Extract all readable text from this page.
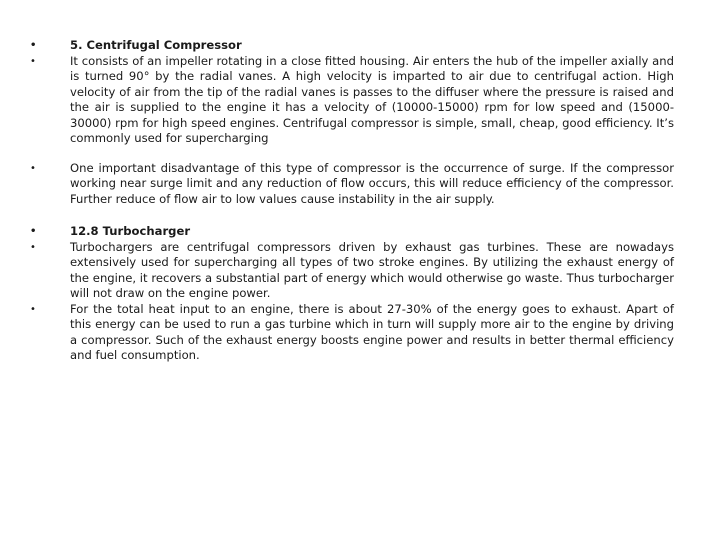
• 5. Centrifugal Compressor
• It consists of an impeller rotating in a close fitted housing. Air enters the hub of the impeller axially and is turned 90° by the radial vanes. A high velocity is imparted to air due to centrifugal action. High velocity of air from the tip of the radial vanes is passes to the diffuser where the pressure is raised and the air is supplied to the engine it has a velocity of (10000-15000) rpm for low speed and (15000-30000) rpm for high speed engines. Centrifugal compressor is simple, small, cheap, good efficiency. It’s commonly used for supercharging
• One important disadvantage of this type of compressor is the occurrence of surge. If the compressor working near surge limit and any reduction of flow occurs, this will reduce efficiency of the compressor. Further reduce of flow air to low values cause instability in the air supply.
• 12.8 Turbocharger
• Turbochargers are centrifugal compressors driven by exhaust gas turbines. These are nowadays extensively used for supercharging all types of two stroke engines. By utilizing the exhaust energy of the engine, it recovers a substantial part of energy which would otherwise go waste. Thus turbocharger will not draw on the engine power.
• For the total heat input to an engine, there is about 27-30% of the energy goes to exhaust. Apart of this energy can be used to run a gas turbine which in turn will supply more air to the engine by driving a compressor. Such of the exhaust energy boosts engine power and results in better thermal efficiency and fuel consumption.
